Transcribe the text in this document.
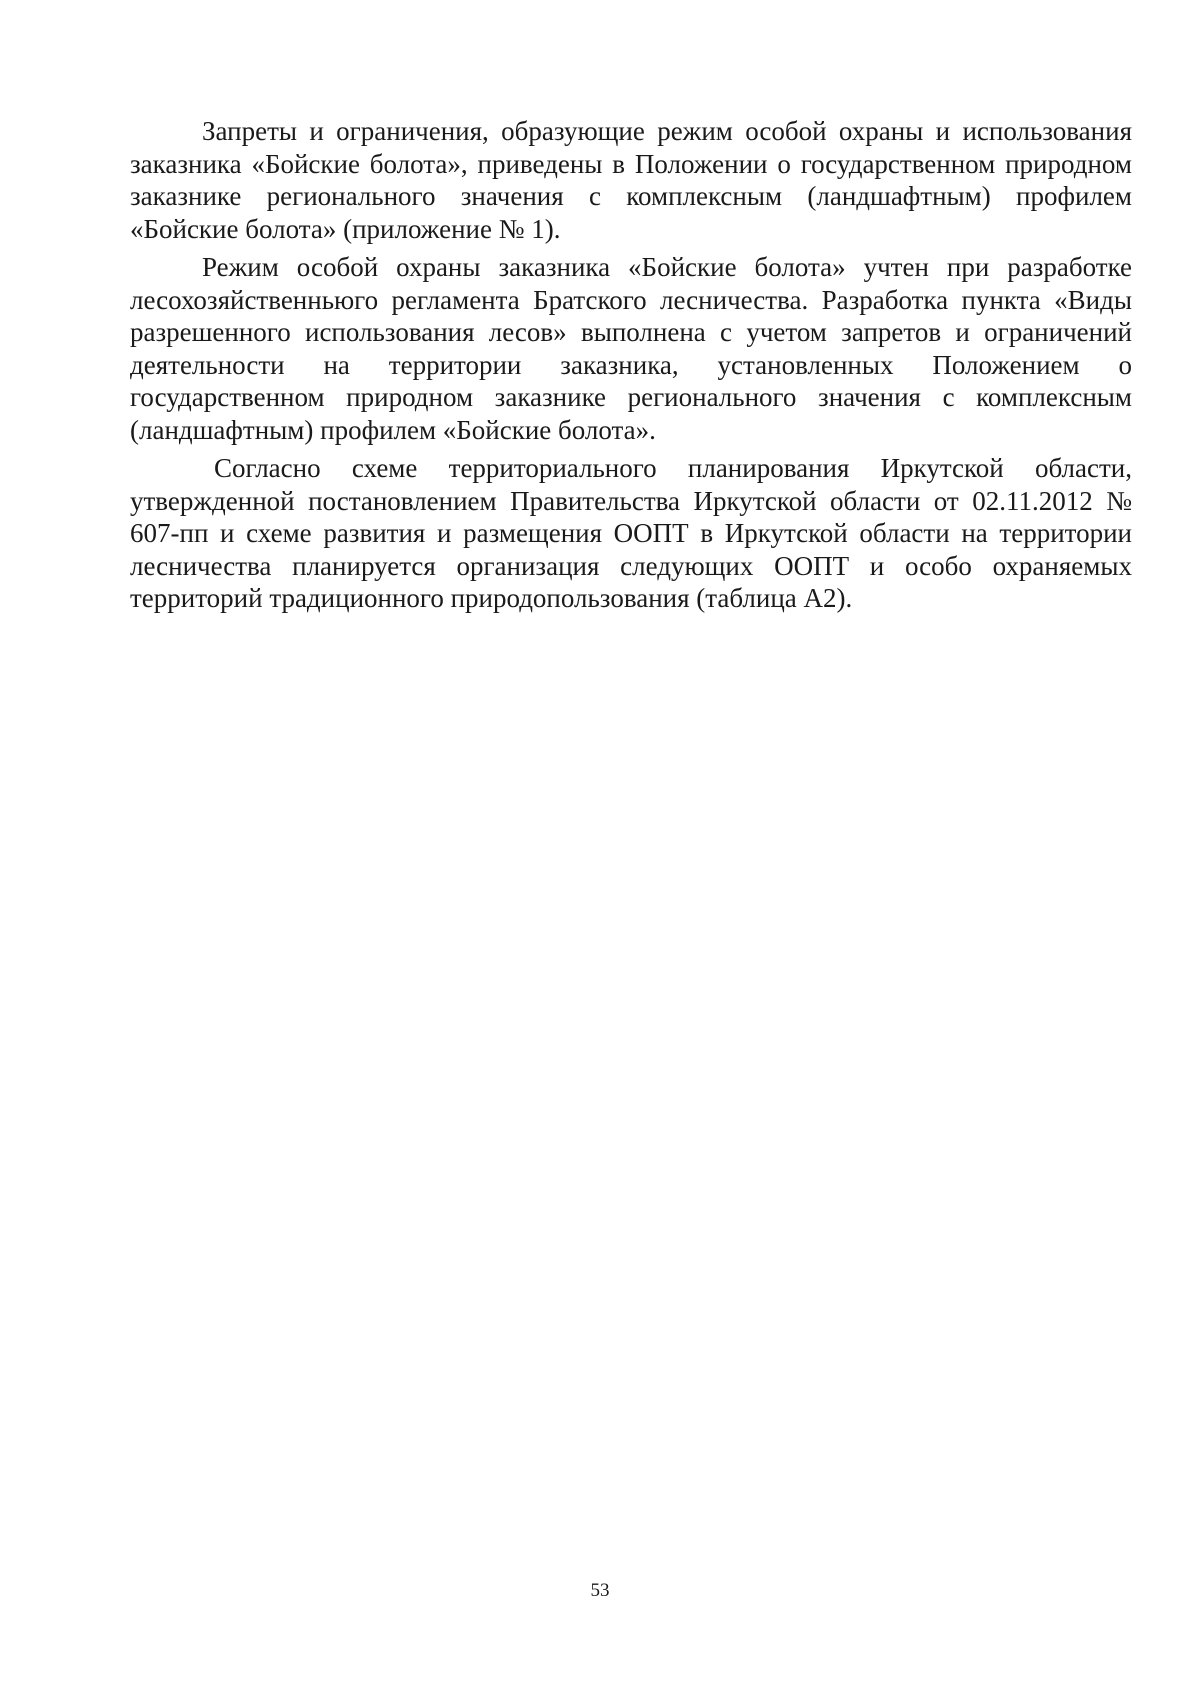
Запреты и ограничения, образующие режим особой охраны и использования заказника «Бойские болота», приведены в Положении о государственном природном заказнике регионального значения с комплексным (ландшафтным) профилем «Бойские болота» (приложение № 1).

Режим особой охраны заказника «Бойские болота» учтен при разработке лесохозяйственньюго регламента Братского лесничества. Разработка пункта «Виды разрешенного использования лесов» выполнена с учетом запретов и ограничений деятельности на территории заказника, установленных Положением о государственном природном заказнике регионального значения с комплексным (ландшафтным) профилем «Бойские болота».

Согласно схеме территориального планирования Иркутской области, утвержденной постановлением Правительства Иркутской области от 02.11.2012 № 607-пп и схеме развития и размещения ООПТ в Иркутской области на территории лесничества планируется организация следующих ООПТ и особо охраняемых территорий традиционного природопользования (таблица А2).

53
